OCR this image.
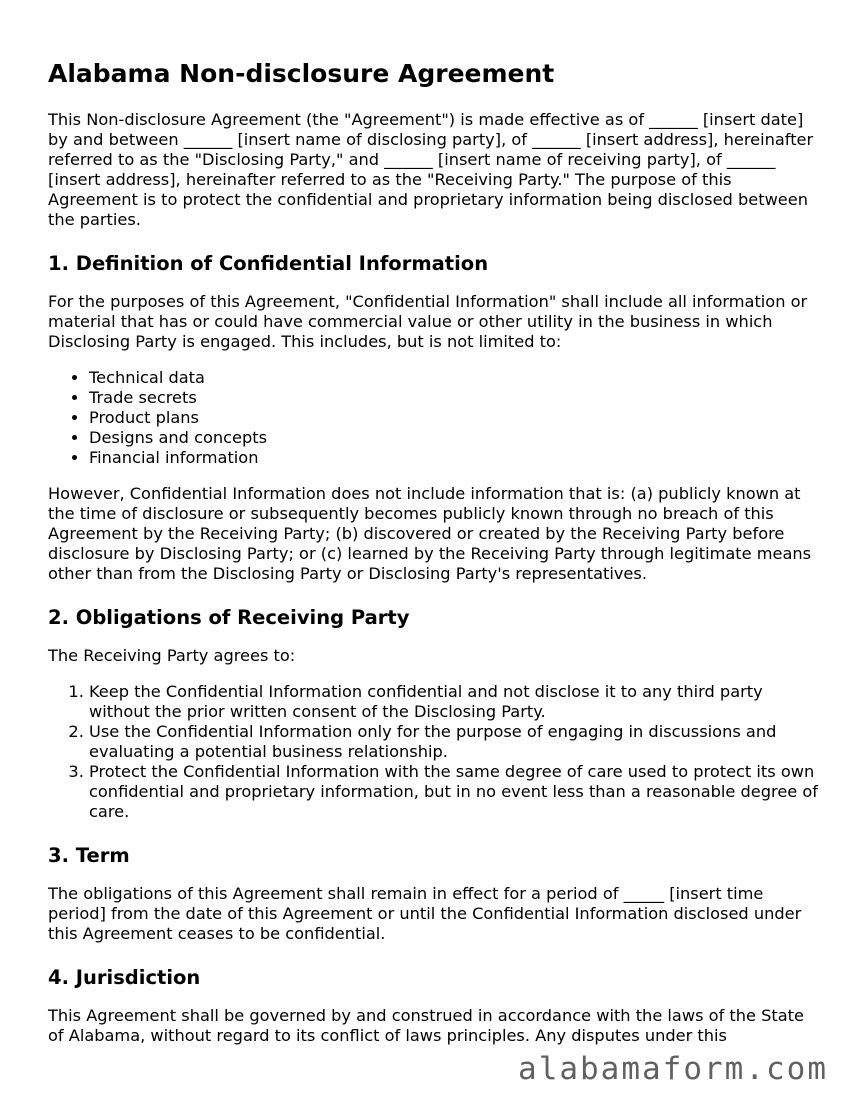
Alabama Non-disclosure Agreement

This Non-disclosure Agreement (the "Agreement") is made effective as of ______ [insert date] by and between ______ [insert name of disclosing party], of ______ [insert address], hereinafter referred to as the "Disclosing Party," and ______ [insert name of receiving party], of ______ [insert address], hereinafter referred to as the "Receiving Party." The purpose of this Agreement is to protect the confidential and proprietary information being disclosed between the parties.

1. Definition of Confidential Information

For the purposes of this Agreement, "Confidential Information" shall include all information or material that has or could have commercial value or other utility in the business in which Disclosing Party is engaged. This includes, but is not limited to:

• Technical data
• Trade secrets
• Product plans
• Designs and concepts
• Financial information

However, Confidential Information does not include information that is: (a) publicly known at the time of disclosure or subsequently becomes publicly known through no breach of this Agreement by the Receiving Party; (b) discovered or created by the Receiving Party before disclosure by Disclosing Party; or (c) learned by the Receiving Party through legitimate means other than from the Disclosing Party or Disclosing Party's representatives.

2. Obligations of Receiving Party

The Receiving Party agrees to:

1. Keep the Confidential Information confidential and not disclose it to any third party without the prior written consent of the Disclosing Party.
2. Use the Confidential Information only for the purpose of engaging in discussions and evaluating a potential business relationship.
3. Protect the Confidential Information with the same degree of care used to protect its own confidential and proprietary information, but in no event less than a reasonable degree of care.
3. Term

The obligations of this Agreement shall remain in effect for a period of _____ [insert time period] from the date of this Agreement or until the Confidential Information disclosed under this Agreement ceases to be confidential.

4. Jurisdiction

This Agreement shall be governed by and construed in accordance with the laws of the State of Alabama, without regard to its conflict of laws principles. Any disputes under this

alabamaform.com
